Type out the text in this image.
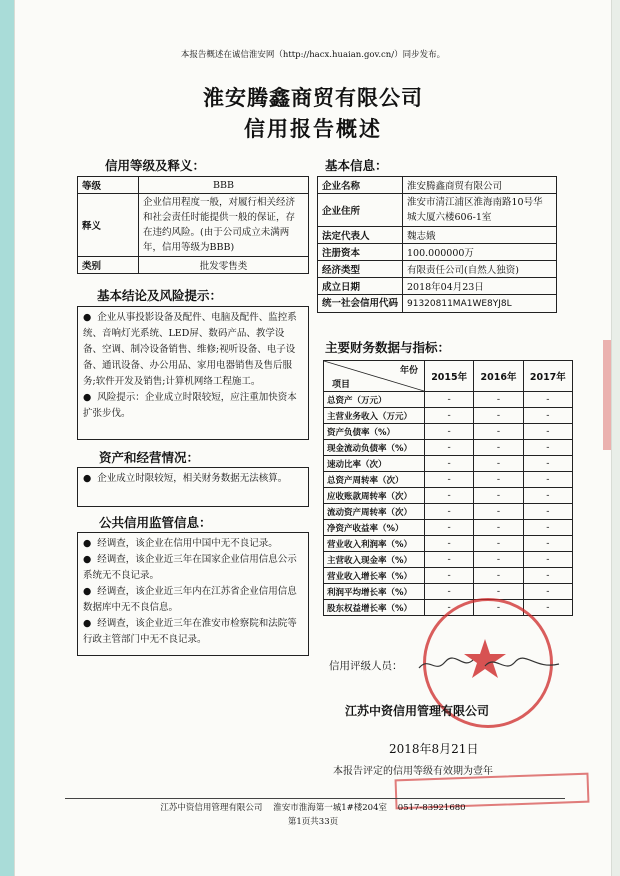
本报告概述在诚信淮安网（http://hacx.huaian.gov.cn/）同步发布。
淮安腾鑫商贸有限公司
信用报告概述
信用等级及释义：
等级	BBB
释义	企业信用程度一般，对履行相关经济和社会责任时能提供一般的保证，存在违约风险。(由于公司成立未满两年，信用等级为BBB)
类别	批发零售类
基本结论及风险提示：

● 企业从事投影设备及配件、电脑及配件、监控系统、音响灯光系统、LED屏、数码产品、教学设备、空调、制冷设备销售、维修;视听设备、电子设备、通讯设备、办公用品、家用电器销售及售后服务;软件开发及销售;计算机网络工程施工。

● 风险提示：企业成立时限较短，应注重加快资本扩张步伐。

资产和经营情况：

● 企业成立时限较短，相关财务数据无法核算。

公共信用监管信息：

● 经调查，该企业在信用中国中无不良记录。

● 经调查，该企业近三年在国家企业信用信息公示系统无不良记录。

● 经调查，该企业近三年内在江苏省企业信用信息数据库中无不良信息。

● 经调查，该企业近三年在淮安市检察院和法院等行政主管部门中无不良记录。

基本信息：
企业名称	淮安腾鑫商贸有限公司
企业住所	淮安市清江浦区淮海南路10号华城大厦六楼606-1室
法定代表人	魏志娥
注册资本	100.000000万
经济类型	有限责任公司(自然人独资)
成立日期	2018年04月23日
统一社会信用代码	91320811MA1WE8YJ8L
主要财务数据与指标：
年份
项目	2015年	2016年	2017年
总资产（万元）	-	-	-
主营业务收入（万元）	-	-	-
资产负债率（%）	-	-	-
现金流动负债率（%）	-	-	-
速动比率（次）	-	-	-
总资产周转率（次）	-	-	-
应收账款周转率（次）	-	-	-
流动资产周转率（次）	-	-	-
净资产收益率（%）	-	-	-
营业收入利润率（%）	-	-	-
主营收入现金率（%）	-	-	-
营业收入增长率（%）	-	-	-
利润平均增长率（%）	-	-	-
股东权益增长率（%）	-	-	-
信用评级人员：
江苏中资信用管理有限公司
2018年8月21日
本报告评定的信用等级有效期为壹年
江苏中资信用管理有限公司    淮安市淮海第一城1#楼204室    0517-83921680
第1页共33页
